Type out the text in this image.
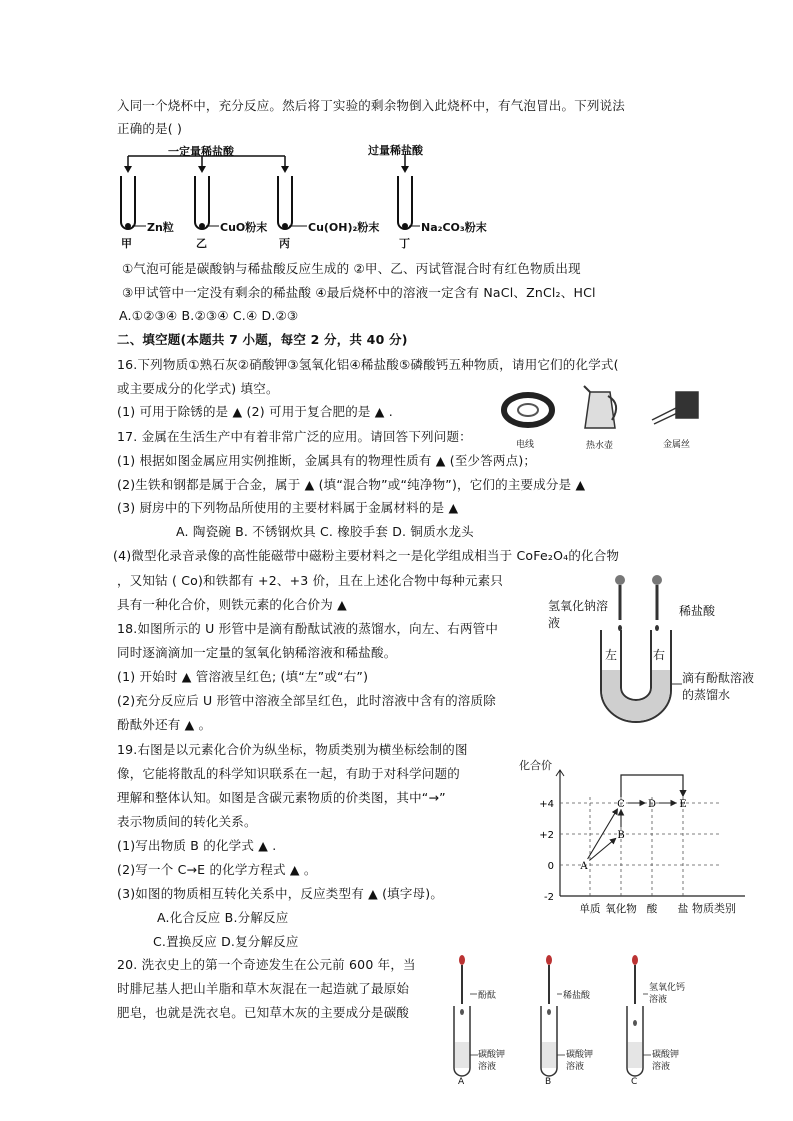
入同一个烧杯中，充分反应。然后将丁实验的剩余物倒入此烧杯中，有气泡冒出。下列说法
正确的是( )
一定量稀盐酸	过量稀盐酸
Zn粒	CuO粉末	Cu(OH)₂粉末	Na₂CO₃粉末
甲	乙	丙	丁
①气泡可能是碳酸钠与稀盐酸反应生成的 ②甲、乙、丙试管混合时有红色物质出现
③甲试管中一定没有剩余的稀盐酸 ④最后烧杯中的溶液一定含有 NaCl、ZnCl₂、HCl
A.①②③④ B.②③④ C.④ D.②③
二、填空题(本题共 7 小题，每空 2 分，共 40 分)
16.下列物质①熟石灰②硝酸钾③氢氧化铝④稀盐酸⑤磷酸钙五种物质，请用它们的化学式(
或主要成分的化学式) 填空。
(1) 可用于除锈的是 ▲ (2) 可用于复合肥的是 ▲ .
电线	热水壶	金属丝
17. 金属在生活生产中有着非常广泛的应用。请回答下列问题：
(1) 根据如图金属应用实例推断，金属具有的物理性质有 ▲ (至少答两点)；
(2)生铁和钢都是属于合金，属于 ▲ (填“混合物”或“纯净物”)，它们的主要成分是 ▲
(3) 厨房中的下列物品所使用的主要材料属于金属材料的是 ▲
A. 陶瓷碗 B. 不锈钢炊具 C. 橡胶手套 D. 铜质水龙头
(4)微型化录音录像的高性能磁带中磁粉主要材料之一是化学组成相当于 CoFe₂O₄的化合物
，又知钴 ( Co)和铁都有 +2、+3 价，且在上述化合物中每种元素只
具有一种化合价，则铁元素的化合价为 ▲
18.如图所示的 U 形管中是滴有酚酞试液的蒸馏水，向左、右两管中
同时逐滴滴加一定量的氢氧化钠稀溶液和稀盐酸。
(1) 开始时 ▲ 管溶液呈红色; (填“左”或“右”)
(2)充分反应后 U 形管中溶液全部呈红色，此时溶液中含有的溶质除
酚酞外还有 ▲ 。
氢氧化钠溶液
稀盐酸
左	右
滴有酚酞溶液的蒸馏水
19.右图是以元素化合价为纵坐标，物质类别为横坐标绘制的图
像，它能将散乱的科学知识联系在一起，有助于对科学问题的
理解和整体认知。如图是含碳元素物质的价类图，其中“→”
表示物质间的转化关系。
(1)写出物质 B 的化学式 ▲ .
(2)写一个 C→E 的化学方程式 ▲ 。
(3)如图的物质相互转化关系中，反应类型有 ▲ (填字母)。
A.化合反应 B.分解反应
C.置换反应 D.复分解反应
+4
+2
0
-2
单质 氧化物 酸 盐
A
B
C D E
化合价
物质类别
20. 洗衣史上的第一个奇迹发生在公元前 600 年，当
时腓尼基人把山羊脂和草木灰混在一起造就了最原始
肥皂，也就是洗衣皂。已知草木灰的主要成分是碳酸
酚酞	稀盐酸
氢氧化钙溶液
碳酸钾溶液
碳酸钾溶液
碳酸钾溶液
A	B	C
